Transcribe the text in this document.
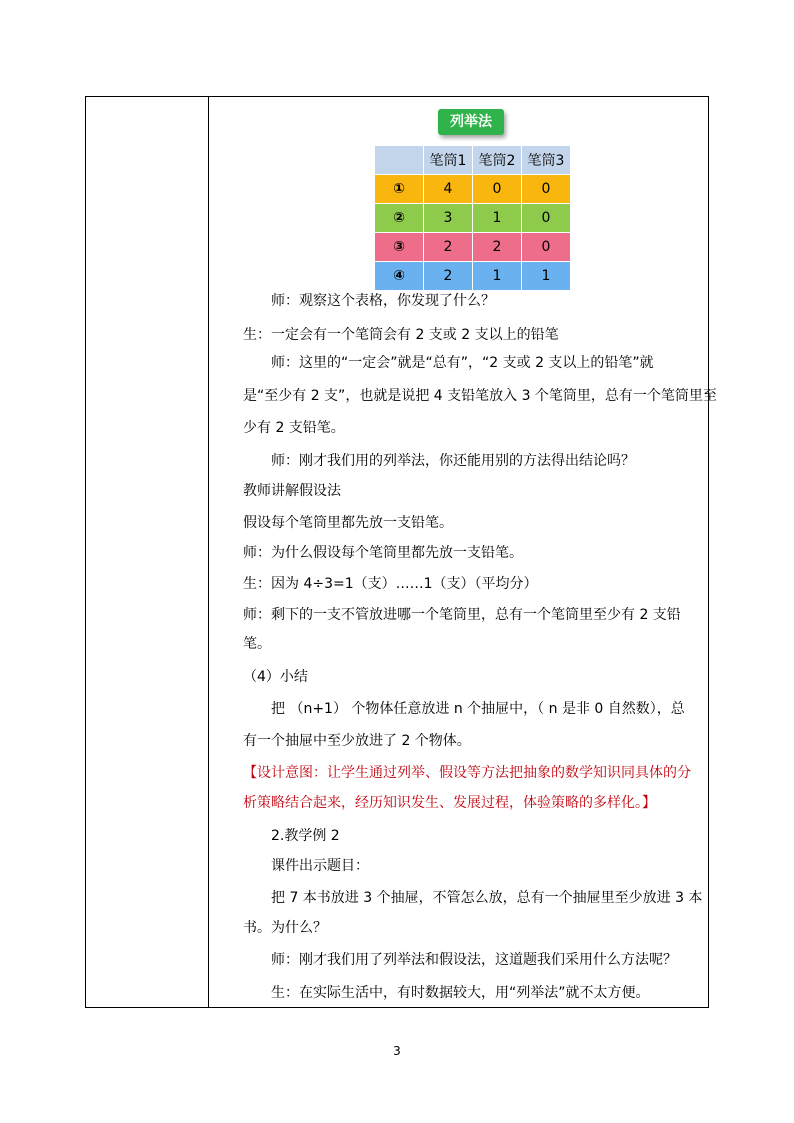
列举法
	笔筒1	笔筒2	笔筒3
①	4	0	0
②	3	1	0
③	2	2	0
④	2	1	1
师：观察这个表格，你发现了什么？
生：一定会有一个笔筒会有 2 支或 2 支以上的铅笔
师：这里的“一定会”就是“总有”，“2 支或 2 支以上的铅笔”就
是“至少有 2 支”，也就是说把 4 支铅笔放入 3 个笔筒里，总有一个笔筒里至
少有 2 支铅笔。
师：刚才我们用的列举法，你还能用别的方法得出结论吗？
教师讲解假设法
假设每个笔筒里都先放一支铅笔。
师：为什么假设每个笔筒里都先放一支铅笔。
生：因为 4÷3=1（支）……1（支）（平均分）
师：剩下的一支不管放进哪一个笔筒里，总有一个笔筒里至少有 2 支铅
笔。
（4）小结
把 （n+1） 个物体任意放进 n 个抽屉中，（ n 是非 0 自然数），总
有一个抽屉中至少放进了 2 个物体。
【设计意图：让学生通过列举、假设等方法把抽象的数学知识同具体的分
析策略结合起来，经历知识发生、发展过程，体验策略的多样化。】
2.教学例 2
课件出示题目：
把 7 本书放进 3 个抽屉，不管怎么放，总有一个抽屉里至少放进 3 本
书。为什么？
师：刚才我们用了列举法和假设法，这道题我们采用什么方法呢？
生：在实际生活中，有时数据较大，用“列举法”就不太方便。
3
